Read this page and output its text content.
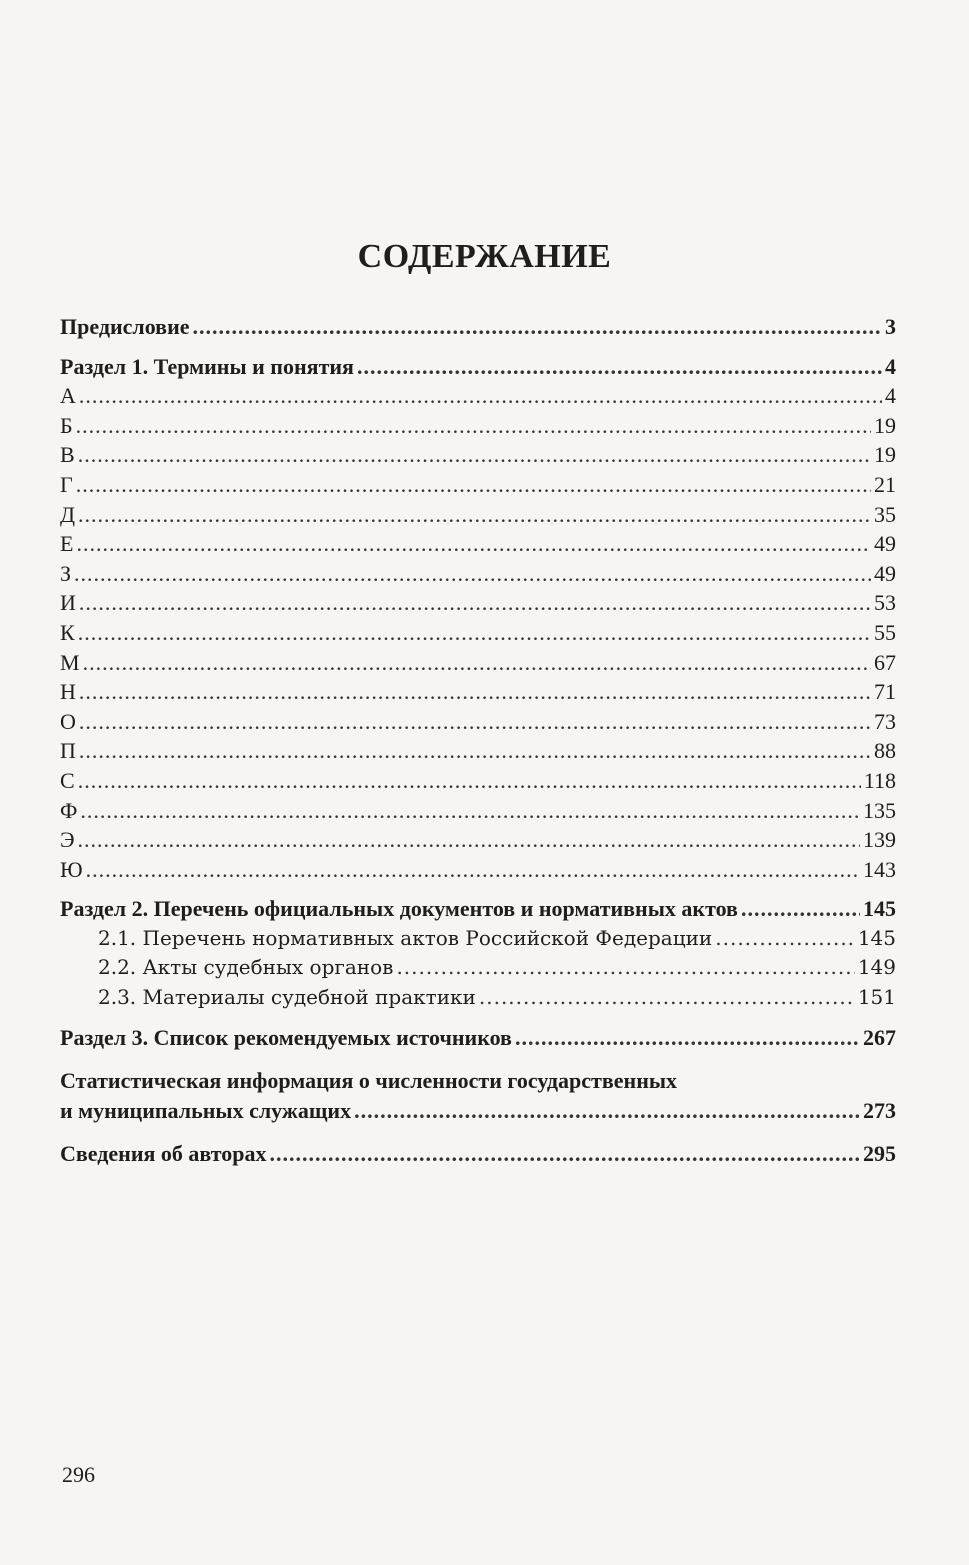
СОДЕРЖАНИЕ
Предисловие .....	3
Раздел 1. Термины и понятия .....	4
А .....	4
Б .....	19
В .....	19
Г .....	21
Д .....	35
Е .....	49
З .....	49
И .....	53
К .....	55
М .....	67
Н .....	71
О .....	73
П .....	88
С .....	118
Ф .....	135
Э .....	139
Ю .....	143
Раздел 2. Перечень официальных документов и нормативных актов .....	145
2.1. Перечень нормативных актов Российской Федерации .....	145
2.2. Акты судебных органов .....	149
2.3. Материалы судебной практики .....	151
Раздел 3. Список рекомендуемых источников .....	267
Статистическая информация о численности государственных
и муниципальных служащих .....	273
Сведения об авторах .....	295
296
